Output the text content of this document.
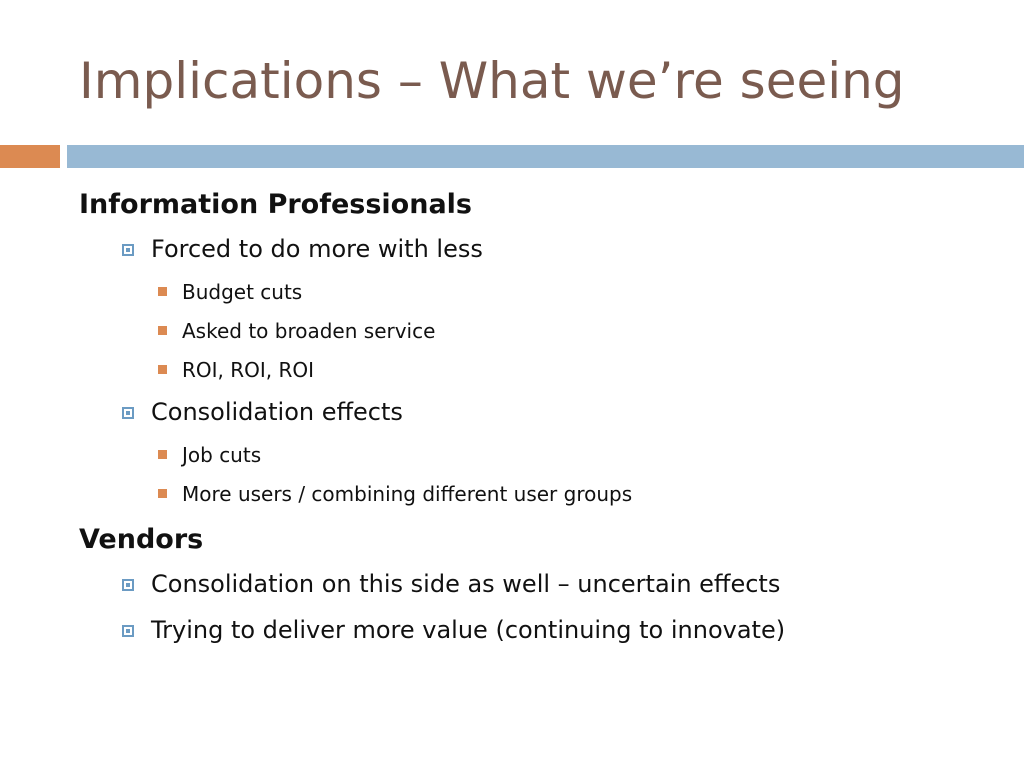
Implications – What we’re seeing
Information Professionals
Forced to do more with less
Budget cuts
Asked to broaden service
ROI, ROI, ROI
Consolidation effects
Job cuts
More users / combining different user groups
Vendors
Consolidation on this side as well – uncertain effects
Trying to deliver more value (continuing to innovate)
